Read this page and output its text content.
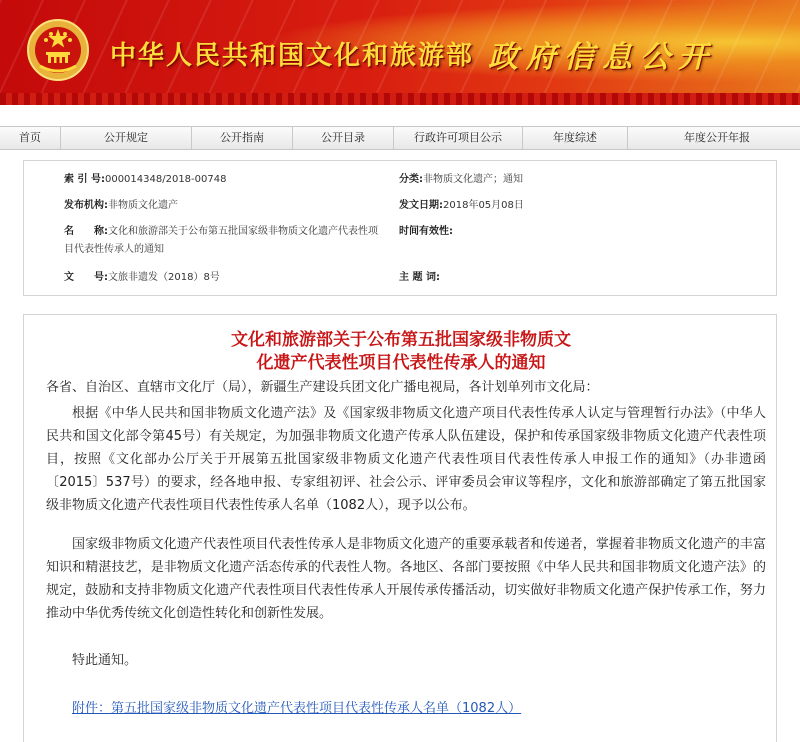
中华人民共和国文化和旅游部 政府信息公开
首页	公开规定	公开指南	公开目录	行政许可项目公示	年度综述	年度公开年报
索 引 号:000014348/2018-00748	分类:非物质文化遗产；通知
发布机构:非物质文化遗产	发文日期:2018年05月08日
名　　称:文化和旅游部关于公布第五批国家级非物质文化遗产代表性项目代表性传承人的通知
时间有效性:
文　　号:文旅非遗发（2018）8号	主 题 词:
文化和旅游部关于公布第五批国家级非物质文
化遗产代表性项目代表性传承人的通知
各省、自治区、直辖市文化厅（局），新疆生产建设兵团文化广播电视局，各计划单列市文化局：
根据《中华人民共和国非物质文化遗产法》及《国家级非物质文化遗产项目代表性传承人认定与管理暂行办法》（中华人民共和国文化部令第45号）有关规定，为加强非物质文化遗产传承人队伍建设，保护和传承国家级非物质文化遗产代表性项目，按照《文化部办公厅关于开展第五批国家级非物质文化遗产代表性项目代表性传承人申报工作的通知》（办非遗函〔2015〕537号）的要求，经各地申报、专家组初评、社会公示、评审委员会审议等程序，文化和旅游部确定了第五批国家级非物质文化遗产代表性项目代表性传承人名单（1082人），现予以公布。
国家级非物质文化遗产代表性项目代表性传承人是非物质文化遗产的重要承载者和传递者，掌握着非物质文化遗产的丰富知识和精湛技艺，是非物质文化遗产活态传承的代表性人物。各地区、各部门要按照《中华人民共和国非物质文化遗产法》的规定，鼓励和支持非物质文化遗产代表性项目代表性传承人开展传承传播活动，切实做好非物质文化遗产保护传承工作，努力推动中华优秀传统文化创造性转化和创新性发展。
特此通知。
附件：第五批国家级非物质文化遗产代表性项目代表性传承人名单（1082人）
